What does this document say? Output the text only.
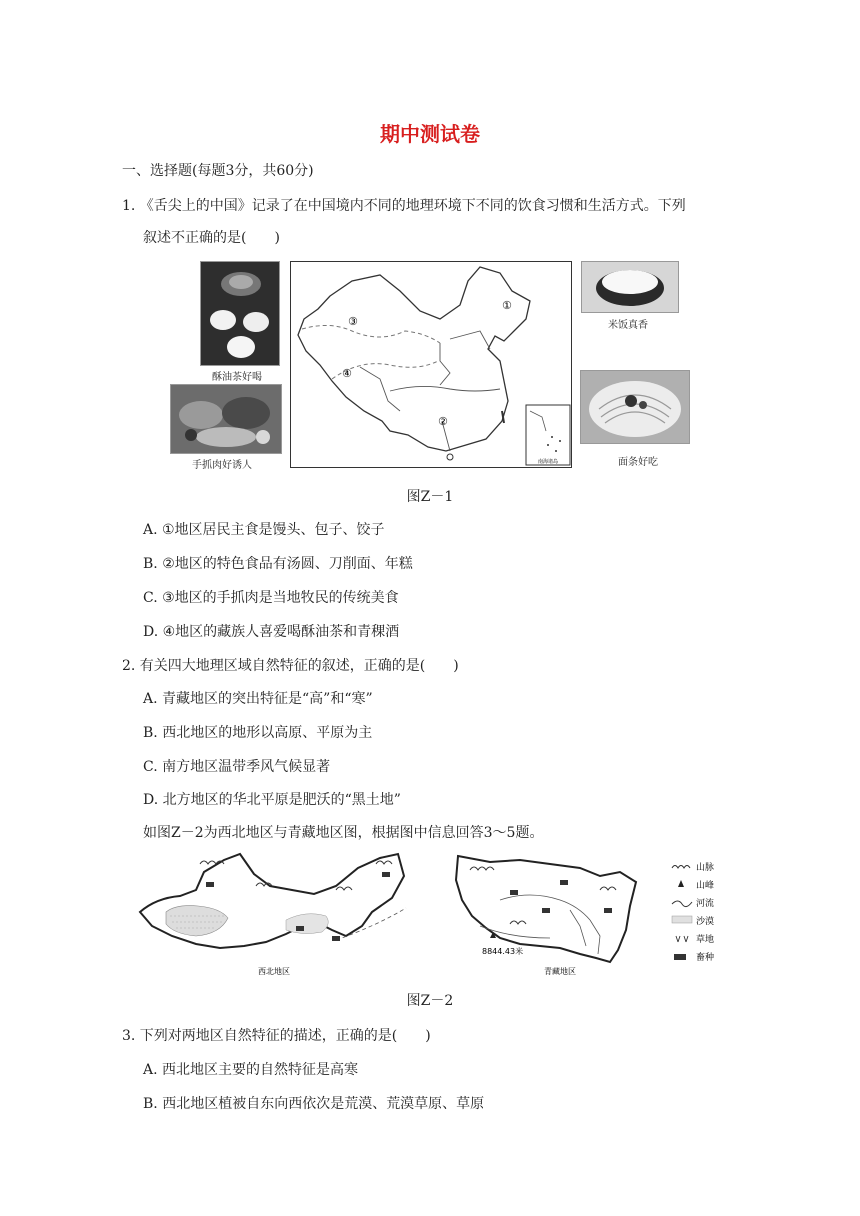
期中测试卷
一、选择题(每题3分，共60分)
1. 《舌尖上的中国》记录了在中国境内不同的地理环境下不同的饮食习惯和生活方式。下列
叙述不正确的是(　　)
酥油茶好喝
手抓肉好诱人
①
②
③
④
南海诸岛
米饭真香
面条好吃
图Z－1
A. ①地区居民主食是馒头、包子、饺子
B. ②地区的特色食品有汤圆、刀削面、年糕
C. ③地区的手抓肉是当地牧民的传统美食
D. ④地区的藏族人喜爱喝酥油茶和青稞酒
2. 有关四大地理区域自然特征的叙述，正确的是(　　)
A. 青藏地区的突出特征是“高”和“寒”
B. 西北地区的地形以高原、平原为主
C. 南方地区温带季风气候显著
D. 北方地区的华北平原是肥沃的“黑土地”
如图Z－2为西北地区与青藏地区图，根据图中信息回答3～5题。
西北地区
8844.43米
青藏地区
山脉
山峰
河流
沙漠
草地
畜种
图Z－2
3. 下列对两地区自然特征的描述，正确的是(　　)
A. 西北地区主要的自然特征是高寒
B. 西北地区植被自东向西依次是荒漠、荒漠草原、草原
